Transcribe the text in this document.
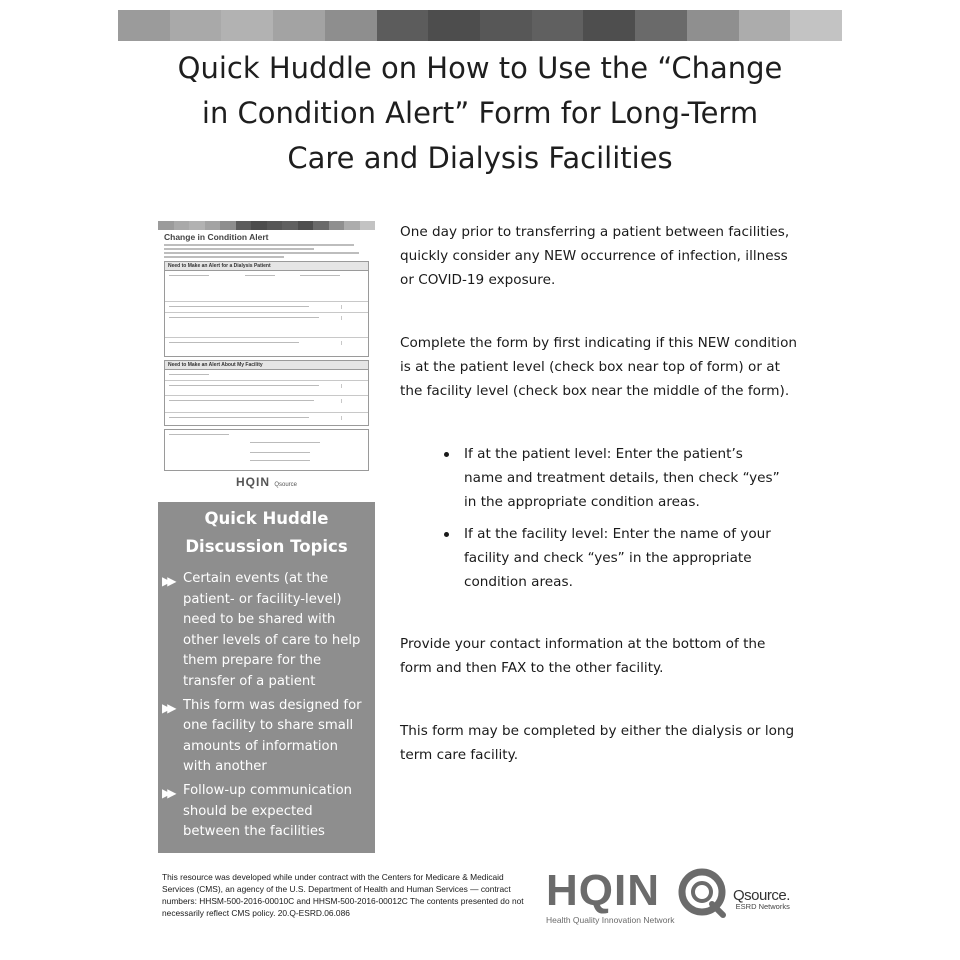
Quick Huddle on How to Use the “Change
in Condition Alert” Form for Long-Term
Care and Dialysis Facilities
Change in Condition Alert
Need to Make an Alert for a Dialysis Patient
Need to Make an Alert About My Facility
HQIN Qsource
Quick Huddle
Discussion Topics
▶▶ Certain events (at the patient- or facility-level) need to be shared with other levels of care to help them prepare for the transfer of a patient
▶▶ This form was designed for one facility to share small amounts of information with another
▶▶ Follow-up communication should be expected between the facilities

One day prior to transferring a patient between facilities, quickly consider any NEW occurrence of infection, illness or COVID-19 exposure.

Complete the form by first indicating if this NEW condition is at the patient level (check box near top of form) or at the facility level (check box near the middle of the form).

If at the patient level: Enter the patient’s name and treatment details, then check “yes” in the appropriate condition areas.
If at the facility level: Enter the name of your facility and check “yes” in the appropriate condition areas.

Provide your contact information at the bottom of the form and then FAX to the other facility.

This form may be completed by either the dialysis or long term care facility.

This resource was developed while under contract with the Centers for Medicare & Medicaid Services (CMS), an agency of the U.S. Department of Health and Human Services — contract numbers: HHSM-500-2016-00010C and HHSM-500-2016-00012C The contents presented do not necessarily reflect CMS policy. 20.Q-ESRD.06.086	HQIN
Health Quality Innovation Network
Qsource.
ESRD Networks
